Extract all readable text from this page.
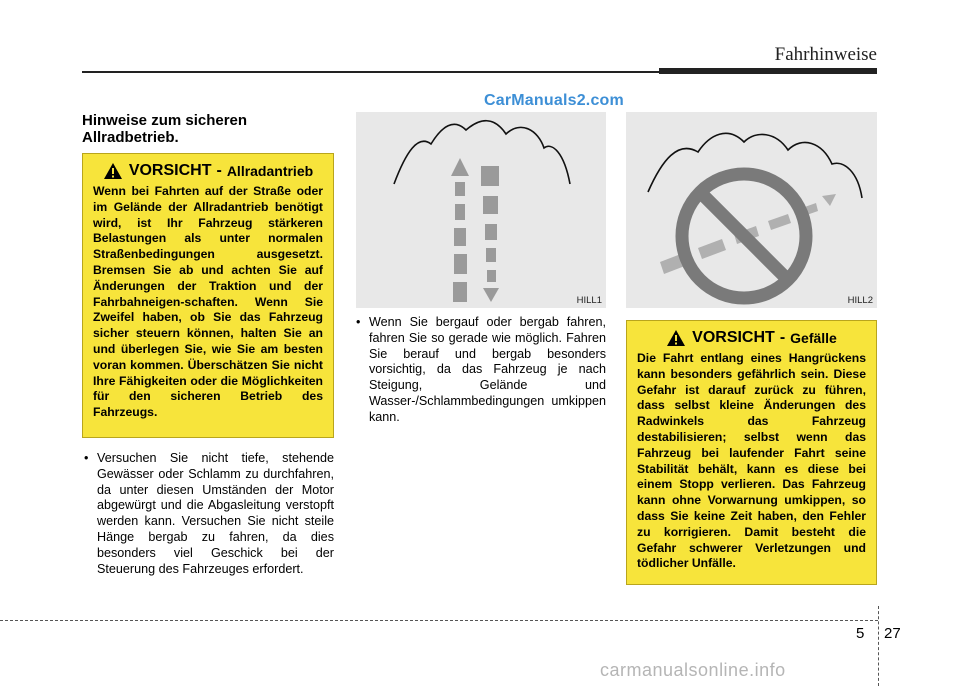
Fahrhinweise
CarManuals2.com
Hinweise zum sicheren Allradbetrieb.
VORSICHT - Allradantrieb
Wenn bei Fahrten auf der Straße oder im Gelände der Allradantrieb benötigt wird, ist Ihr Fahrzeug stärkeren Belastungen als unter normalen Straßenbedingungen ausgesetzt. Bremsen Sie ab und achten Sie auf Änderungen der Traktion und der Fahrbahneigen-schaften. Wenn Sie Zweifel haben, ob Sie das Fahrzeug sicher steuern können, halten Sie an und überlegen Sie, wie Sie am besten voran kommen. Überschätzen Sie nicht Ihre Fähigkeiten oder die Möglichkeiten für den sicheren Betrieb des Fahrzeugs.
• Versuchen Sie nicht tiefe, stehende Gewässer oder Schlamm zu durchfahren, da unter diesen Umständen der Motor abgewürgt und die Abgasleitung verstopft werden kann. Versuchen Sie nicht steile Hänge bergab zu fahren, da dies besonders viel Geschick bei der Steuerung des Fahrzeuges erfordert.
HILL1	HILL2
• Wenn Sie bergauf oder bergab fahren, fahren Sie so gerade wie möglich. Fahren Sie berauf und bergab besonders vorsichtig, da das Fahrzeug je nach Steigung, Gelände und Wasser-/Schlammbedingungen umkippen kann.
VORSICHT - Gefälle
Die Fahrt entlang eines Hangrückens kann besonders gefährlich sein. Diese Gefahr ist darauf zurück zu führen, dass selbst kleine Änderungen des Radwinkels das Fahrzeug destabilisieren; selbst wenn das Fahrzeug bei laufender Fahrt seine Stabilität behält, kann es diese bei einem Stopp verlieren. Das Fahrzeug kann ohne Vorwarnung umkippen, so dass Sie keine Zeit haben, den Fehler zu korrigieren. Damit besteht die Gefahr schwerer Verletzungen und tödlicher Unfälle.
5 27
carmanualsonline.info
